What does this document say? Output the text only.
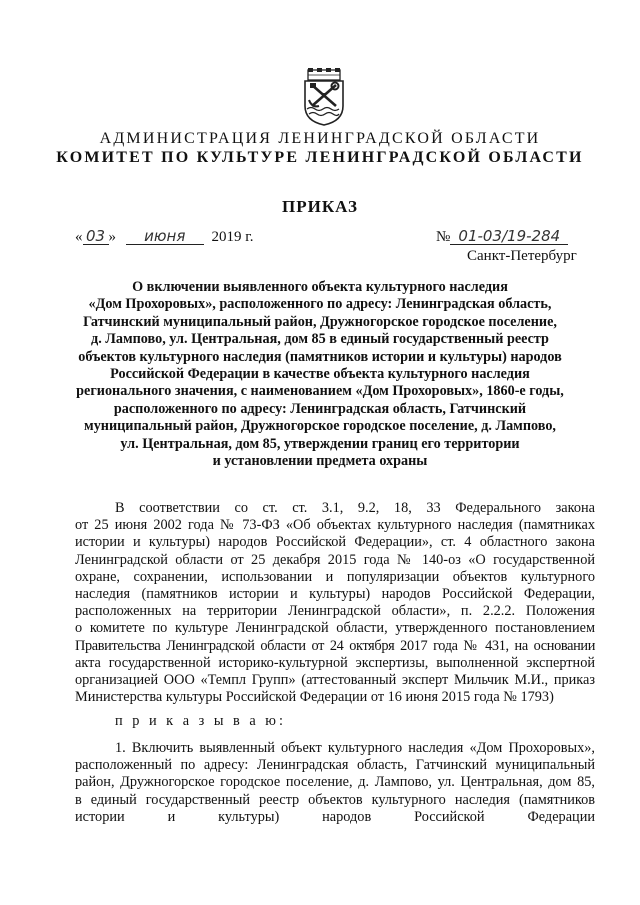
АДМИНИСТРАЦИЯ ЛЕНИНГРАДСКОЙ ОБЛАСТИ
КОМИТЕТ ПО КУЛЬТУРЕ ЛЕНИНГРАДСКОЙ ОБЛАСТИ
ПРИКАЗ
« 03 » июня 2019 г.	№ 01-03/19-284
Санкт-Петербург
О включении выявленного объекта культурного наследия
«Дом Прохоровых», расположенного по адресу: Ленинградская область,
Гатчинский муниципальный район, Дружногорское городское поселение,
д. Лампово, ул. Центральная, дом 85 в единый государственный реестр
объектов культурного наследия (памятников истории и культуры) народов
Российской Федерации в качестве объекта культурного наследия
регионального значения, с наименованием «Дом Прохоровых», 1860-е годы,
расположенного по адресу: Ленинградская область, Гатчинский
муниципальный район, Дружногорское городское поселение, д. Лампово,
ул. Центральная, дом 85, утверждении границ его территории
и установлении предмета охраны
В соответствии со ст. ст. 3.1, 9.2, 18, 33 Федерального закона
от 25 июня 2002 года № 73-ФЗ «Об объектах культурного наследия (памятниках
истории и культуры) народов Российской Федерации», ст. 4 областного закона
Ленинградской области от 25 декабря 2015 года № 140-оз «О государственной
охране, сохранении, использовании и популяризации объектов культурного
наследия (памятников истории и культуры) народов Российской Федерации,
расположенных на территории Ленинградской области», п. 2.2.2. Положения
о комитете по культуре Ленинградской области, утвержденного постановлением
Правительства Ленинградской области от 24 октября 2017 года № 431, на основании
акта государственной историко-культурной экспертизы, выполненной экспертной
организацией ООО «Темпл Групп» (аттестованный эксперт Мильчик М.И., приказ
Министерства культуры Российской Федерации от 16 июня 2015 года № 1793)
п р и к а з ы в а ю:
1. Включить выявленный объект культурного наследия «Дом Прохоровых»,
расположенный по адресу: Ленинградская область, Гатчинский муниципальный
район, Дружногорское городское поселение, д. Лампово, ул. Центральная, дом 85,
в единый государственный реестр объектов культурного наследия (памятников
истории и культуры) народов Российской Федерации
